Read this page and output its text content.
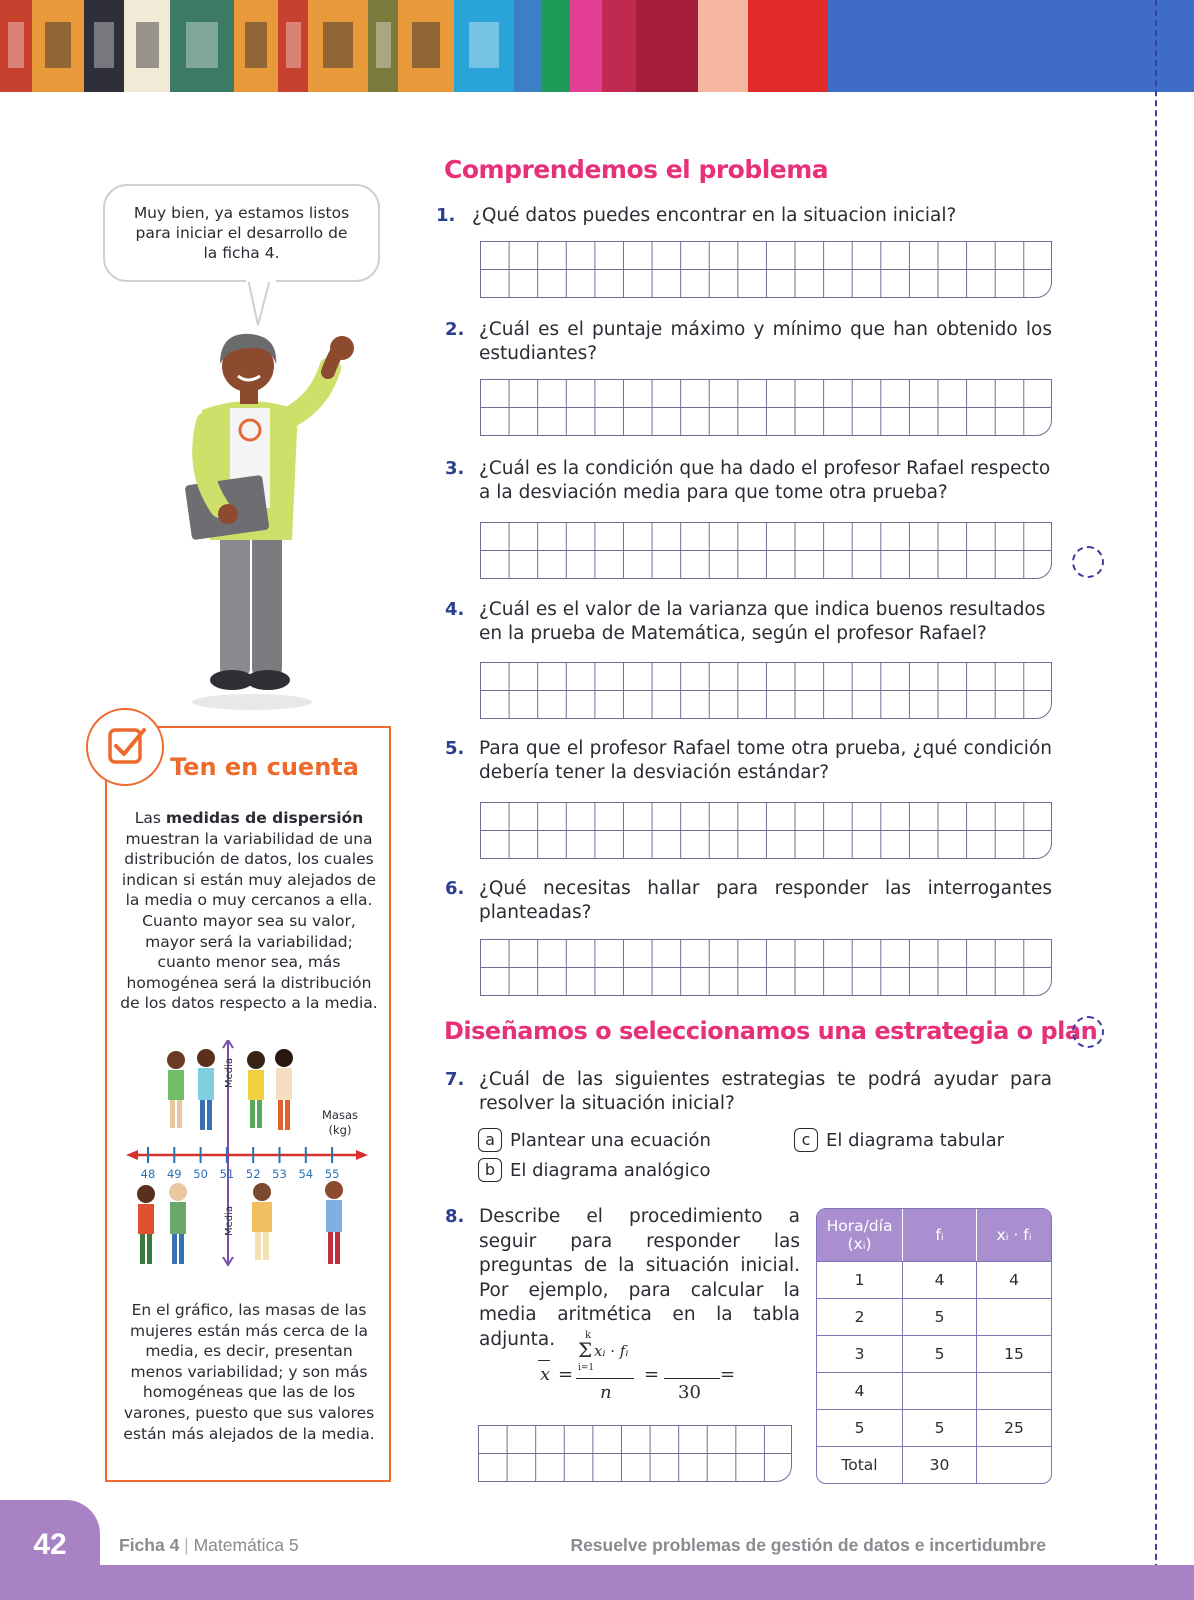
Muy bien, ya estamos listos
para iniciar el desarrollo de
la ficha 4.
Comprendemos el problema
1. ¿Qué datos puedes encontrar en la situacion inicial?
2. ¿Cuál es el puntaje máximo y mínimo que han obtenido los estudiantes?
3. ¿Cuál es la condición que ha dado el profesor Rafael respecto a la desviación media para que tome otra prueba?
4. ¿Cuál es el valor de la varianza que indica buenos resultados en la prueba de Matemática, según el profesor Rafael?
5. Para que el profesor Rafael tome otra prueba, ¿qué condición debería tener la desviación estándar?
6. ¿Qué necesitas hallar para responder las interrogantes planteadas?
Diseñamos o seleccionamos una estrategia o plan
7. ¿Cuál de las siguientes estrategias te podrá ayudar para resolver la situación inicial?
a Plantear una ecuación
b El diagrama analógico
c El diagrama tabular
8. Describe el procedimiento a seguir para responder las preguntas de la situación inicial. Por ejemplo, para calcular la media aritmética en la tabla adjunta.
x =
k
Σ xᵢ · fᵢ
i=1
n
=
30
=
Hora/día (xᵢ)	fᵢ	xᵢ · fᵢ
1	4	4
2	5	
3	5	15
4		
5	5	25
Total	30	
Ten en cuenta
Las medidas de dispersión muestran la variabilidad de una distribución de datos, los cuales indican si están muy alejados de la media o muy cercanos a ella. Cuanto mayor sea su valor, mayor será la variabilidad; cuanto menor sea, más homogénea será la distribución de los datos respecto a la media.
Media
Media
Masas
(kg)
48 49 50 51 52 53 54 55
En el gráfico, las masas de las mujeres están más cerca de la media, es decir, presentan menos variabilidad; y son más homogéneas que las de los varones, puesto que sus valores están más alejados de la media.
42	Ficha 4 | Matemática 5	Resuelve problemas de gestión de datos e incertidumbre
